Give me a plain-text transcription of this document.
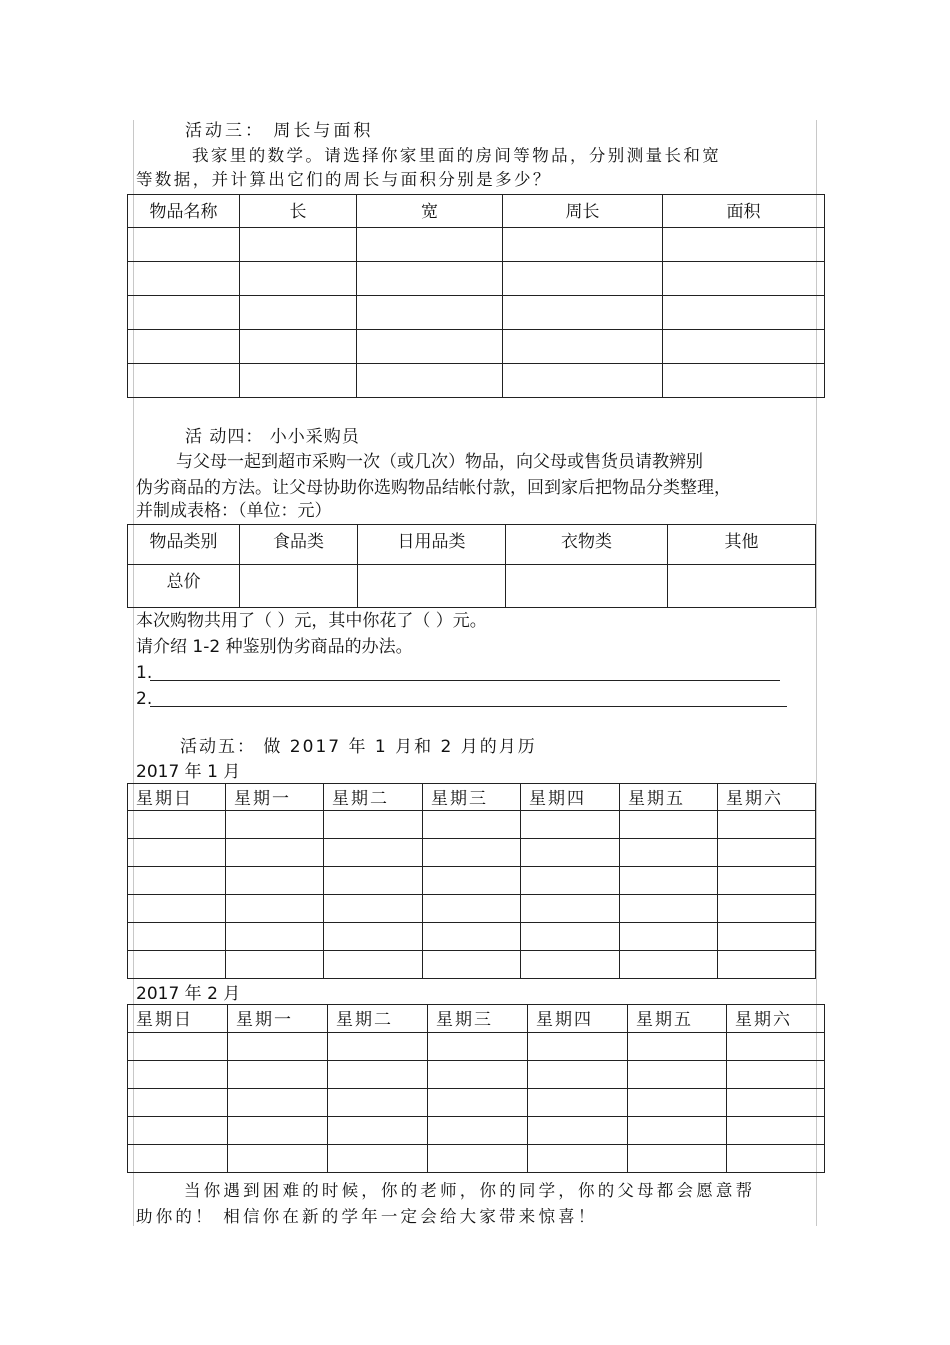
活动三： 周长与面积
我家里的数学。请选择你家里面的房间等物品，分别测量长和宽
等数据，并计算出它们的周长与面积分别是多少？
物品名称	长	宽	周长	面积

活 动四： 小小采购员
与父母一起到超市采购一次（或几次）物品，向父母或售货员请教辨别
伪劣商品的方法。让父母协助你选购物品结帐付款，回到家后把物品分类整理，
并制成表格：（单位：元）
物品类别	食品类	日用品类	衣物类	其他
总价				
本次购物共用了（ ）元，其中你花了（ ）元。
请介绍 1-2 种鉴别伪劣商品的办法。
1.
2.
活动五： 做 2017 年 1 月和 2 月的月历
2017 年 1 月
星期日	星期一	星期二	星期三	星期四	星期五	星期六

2017 年 2 月
星期日	星期一	星期二	星期三	星期四	星期五	星期六

当你遇到困难的时候，你的老师，你的同学，你的父母都会愿意帮
助你的！ 相信你在新的学年一定会给大家带来惊喜！
